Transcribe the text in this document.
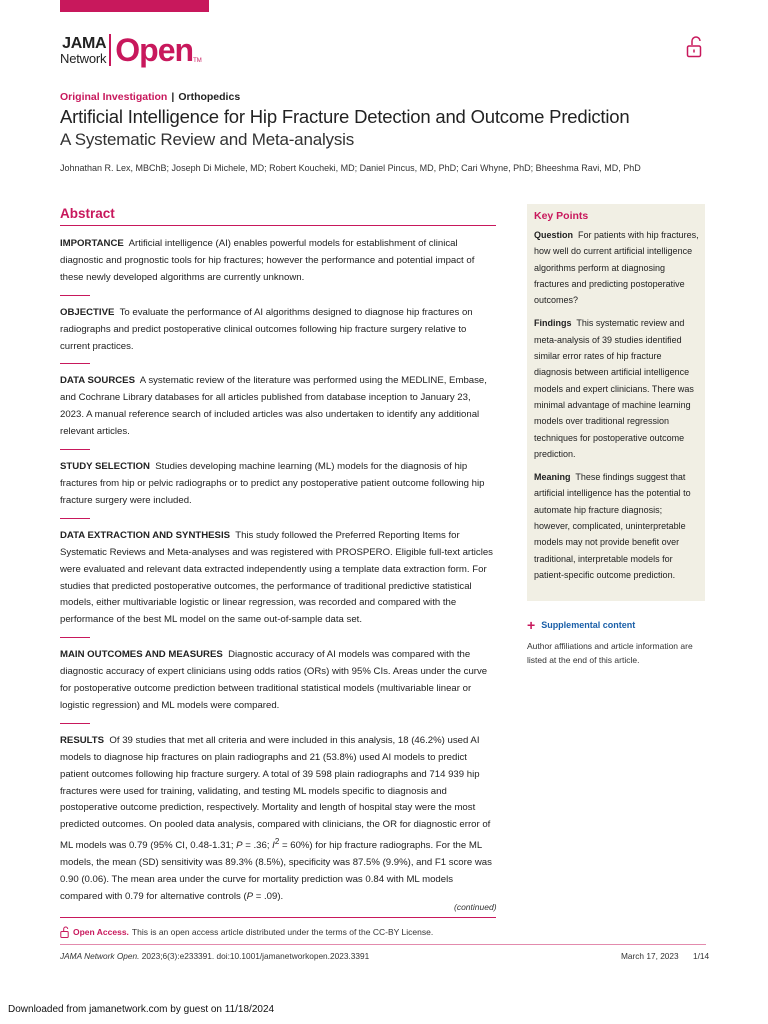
JAMA
Network Open TM
Original Investigation | Orthopedics
Artificial Intelligence for Hip Fracture Detection and Outcome Prediction
A Systematic Review and Meta-analysis
Johnathan R. Lex, MBChB; Joseph Di Michele, MD; Robert Koucheki, MD; Daniel Pincus, MD, PhD; Cari Whyne, PhD; Bheeshma Ravi, MD, PhD
Abstract

IMPORTANCE Artificial intelligence (AI) enables powerful models for establishment of clinical diagnostic and prognostic tools for hip fractures; however the performance and potential impact of these newly developed algorithms are currently unknown.

OBJECTIVE To evaluate the performance of AI algorithms designed to diagnose hip fractures on radiographs and predict postoperative clinical outcomes following hip fracture surgery relative to current practices.

DATA SOURCES A systematic review of the literature was performed using the MEDLINE, Embase, and Cochrane Library databases for all articles published from database inception to January 23, 2023. A manual reference search of included articles was also undertaken to identify any additional relevant articles.

STUDY SELECTION Studies developing machine learning (ML) models for the diagnosis of hip fractures from hip or pelvic radiographs or to predict any postoperative patient outcome following hip fracture surgery were included.

DATA EXTRACTION AND SYNTHESIS This study followed the Preferred Reporting Items for Systematic Reviews and Meta-analyses and was registered with PROSPERO. Eligible full-text articles were evaluated and relevant data extracted independently using a template data extraction form. For studies that predicted postoperative outcomes, the performance of traditional predictive statistical models, either multivariable logistic or linear regression, was recorded and compared with the performance of the best ML model on the same out-of-sample data set.

MAIN OUTCOMES AND MEASURES Diagnostic accuracy of AI models was compared with the diagnostic accuracy of expert clinicians using odds ratios (ORs) with 95% CIs. Areas under the curve for postoperative outcome prediction between traditional statistical models (multivariable linear or logistic regression) and ML models were compared.

RESULTS Of 39 studies that met all criteria and were included in this analysis, 18 (46.2%) used AI models to diagnose hip fractures on plain radiographs and 21 (53.8%) used AI models to predict patient outcomes following hip fracture surgery. A total of 39 598 plain radiographs and 714 939 hip fractures were used for training, validating, and testing ML models specific to diagnosis and postoperative outcome prediction, respectively. Mortality and length of hospital stay were the most predicted outcomes. On pooled data analysis, compared with clinicians, the OR for diagnostic error of ML models was 0.79 (95% CI, 0.48-1.31; P = .36; $I^2 = 60\%$) for hip fracture radiographs. For the ML models, the mean (SD) sensitivity was 89.3% (8.5%), specificity was 87.5% (9.9%), and F1 score was 0.90 (0.06). The mean area under the curve for mortality prediction was 0.84 with ML models compared with 0.79 for alternative controls (P = .09).

(continued)
Key Points

Question For patients with hip fractures, how well do current artificial intelligence algorithms perform at diagnosing fractures and predicting postoperative outcomes?

Findings This systematic review and meta-analysis of 39 studies identified similar error rates of hip fracture diagnosis between artificial intelligence models and expert clinicians. There was minimal advantage of machine learning models over traditional regression techniques for postoperative outcome prediction.

Meaning These findings suggest that artificial intelligence has the potential to automate hip fracture diagnosis; however, complicated, uninterpretable models may not provide benefit over traditional, interpretable models for patient-specific outcome prediction.

+ Supplemental content
Author affiliations and article information are listed at the end of this article.
Open Access. This is an open access article distributed under the terms of the CC-BY License.
JAMA Network Open. 2023;6(3):e233391. doi:10.1001/jamanetworkopen.2023.3391	March 17, 2023 1/14
Downloaded from jamanetwork.com by guest on 11/18/2024
